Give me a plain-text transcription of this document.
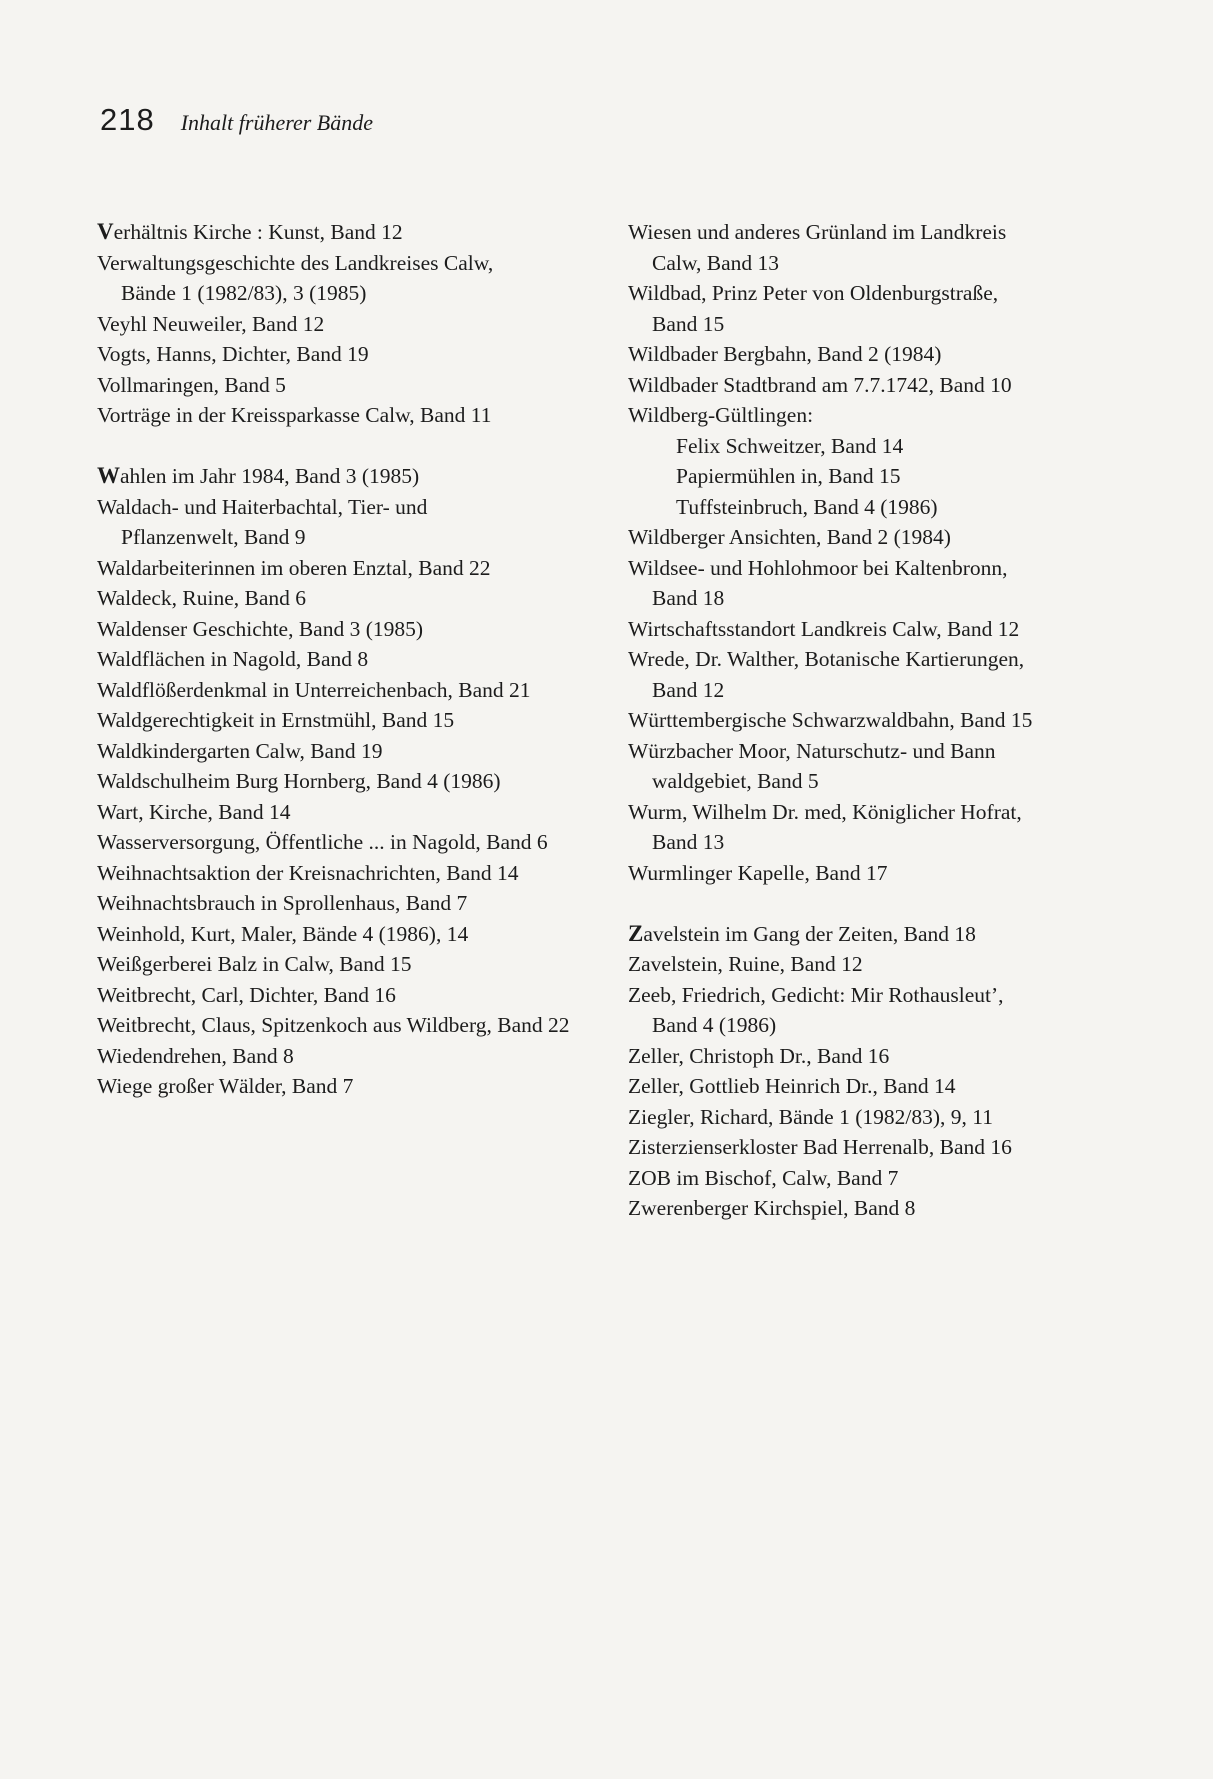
218 Inhalt früherer Bände
Verhältnis Kirche : Kunst, Band 12
Verwaltungsgeschichte des Landkreises Calw,
Bände 1 (1982/83), 3 (1985)
Veyhl Neuweiler, Band 12
Vogts, Hanns, Dichter, Band 19
Vollmaringen, Band 5
Vorträge in der Kreissparkasse Calw, Band 11
Wahlen im Jahr 1984, Band 3 (1985)
Waldach- und Haiterbachtal, Tier- und
Pflanzenwelt, Band 9
Waldarbeiterinnen im oberen Enztal, Band 22
Waldeck, Ruine, Band 6
Waldenser Geschichte, Band 3 (1985)
Waldflächen in Nagold, Band 8
Waldflößerdenkmal in Unterreichenbach, Band 21
Waldgerechtigkeit in Ernstmühl, Band 15
Waldkindergarten Calw, Band 19
Waldschulheim Burg Hornberg, Band 4 (1986)
Wart, Kirche, Band 14
Wasserversorgung, Öffentliche ... in Nagold, Band 6
Weihnachtsaktion der Kreisnachrichten, Band 14
Weihnachtsbrauch in Sprollenhaus, Band 7
Weinhold, Kurt, Maler, Bände 4 (1986), 14
Weißgerberei Balz in Calw, Band 15
Weitbrecht, Carl, Dichter, Band 16
Weitbrecht, Claus, Spitzenkoch aus Wildberg, Band 22
Wiedendrehen, Band 8
Wiege großer Wälder, Band 7
Wiesen und anderes Grünland im Landkreis
Calw, Band 13
Wildbad, Prinz Peter von Oldenburgstraße,
Band 15
Wildbader Bergbahn, Band 2 (1984)
Wildbader Stadtbrand am 7.7.1742, Band 10
Wildberg-Gültlingen:
Felix Schweitzer, Band 14
Papiermühlen in, Band 15
Tuffsteinbruch, Band 4 (1986)
Wildberger Ansichten, Band 2 (1984)
Wildsee- und Hohlohmoor bei Kaltenbronn,
Band 18
Wirtschaftsstandort Landkreis Calw, Band 12
Wrede, Dr. Walther, Botanische Kartierungen,
Band 12
Württembergische Schwarzwaldbahn, Band 15
Würzbacher Moor, Naturschutz- und Bann
waldgebiet, Band 5
Wurm, Wilhelm Dr. med, Königlicher Hofrat,
Band 13
Wurmlinger Kapelle, Band 17
Zavelstein im Gang der Zeiten, Band 18
Zavelstein, Ruine, Band 12
Zeeb, Friedrich, Gedicht: Mir Rothausleut’,
Band 4 (1986)
Zeller, Christoph Dr., Band 16
Zeller, Gottlieb Heinrich Dr., Band 14
Ziegler, Richard, Bände 1 (1982/83), 9, 11
Zisterzienserkloster Bad Herrenalb, Band 16
ZOB im Bischof, Calw, Band 7
Zwerenberger Kirchspiel, Band 8
